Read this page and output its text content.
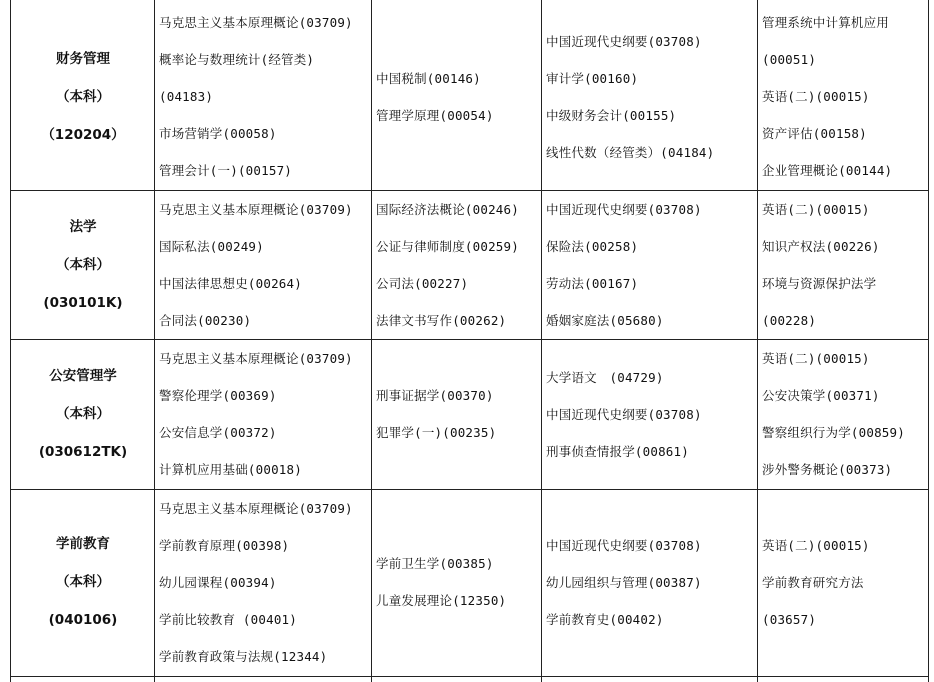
财务管理
（本科）
（120204）
马克思主义基本原理概论(03709)
概率论与数理统计(经管类)
(04183)
市场营销学(00058)
管理会计(一)(00157)
中国税制(00146)
管理学原理(00054)
中国近现代史纲要(03708)
审计学(00160)
中级财务会计(00155)
线性代数（经管类）(04184)
管理系统中计算机应用
(00051)
英语(二)(00015)
资产评估(00158)
企业管理概论(00144)
法学
（本科）
(030101K)
马克思主义基本原理概论(03709)
国际私法(00249)
中国法律思想史(00264)
合同法(00230)
国际经济法概论(00246)
公证与律师制度(00259)
公司法(00227)
法律文书写作(00262)
中国近现代史纲要(03708)
保险法(00258)
劳动法(00167)
婚姻家庭法(05680)
英语(二)(00015)
知识产权法(00226)
环境与资源保护法学
(00228)
公安管理学
（本科）
(030612TK)
马克思主义基本原理概论(03709)
警察伦理学(00369)
公安信息学(00372)
计算机应用基础(00018)
刑事证据学(00370)
犯罪学(一)(00235)
大学语文　(04729)
中国近现代史纲要(03708)
刑事侦查情报学(00861)
英语(二)(00015)
公安决策学(00371)
警察组织行为学(00859)
涉外警务概论(00373)
学前教育
（本科）
(040106)
马克思主义基本原理概论(03709)
学前教育原理(00398)
幼儿园课程(00394)
学前比较教育 (00401)
学前教育政策与法规(12344)
学前卫生学(00385)
儿童发展理论(12350)
中国近现代史纲要(03708)
幼儿园组织与管理(00387)
学前教育史(00402)
英语(二)(00015)
学前教育研究方法
(03657)
